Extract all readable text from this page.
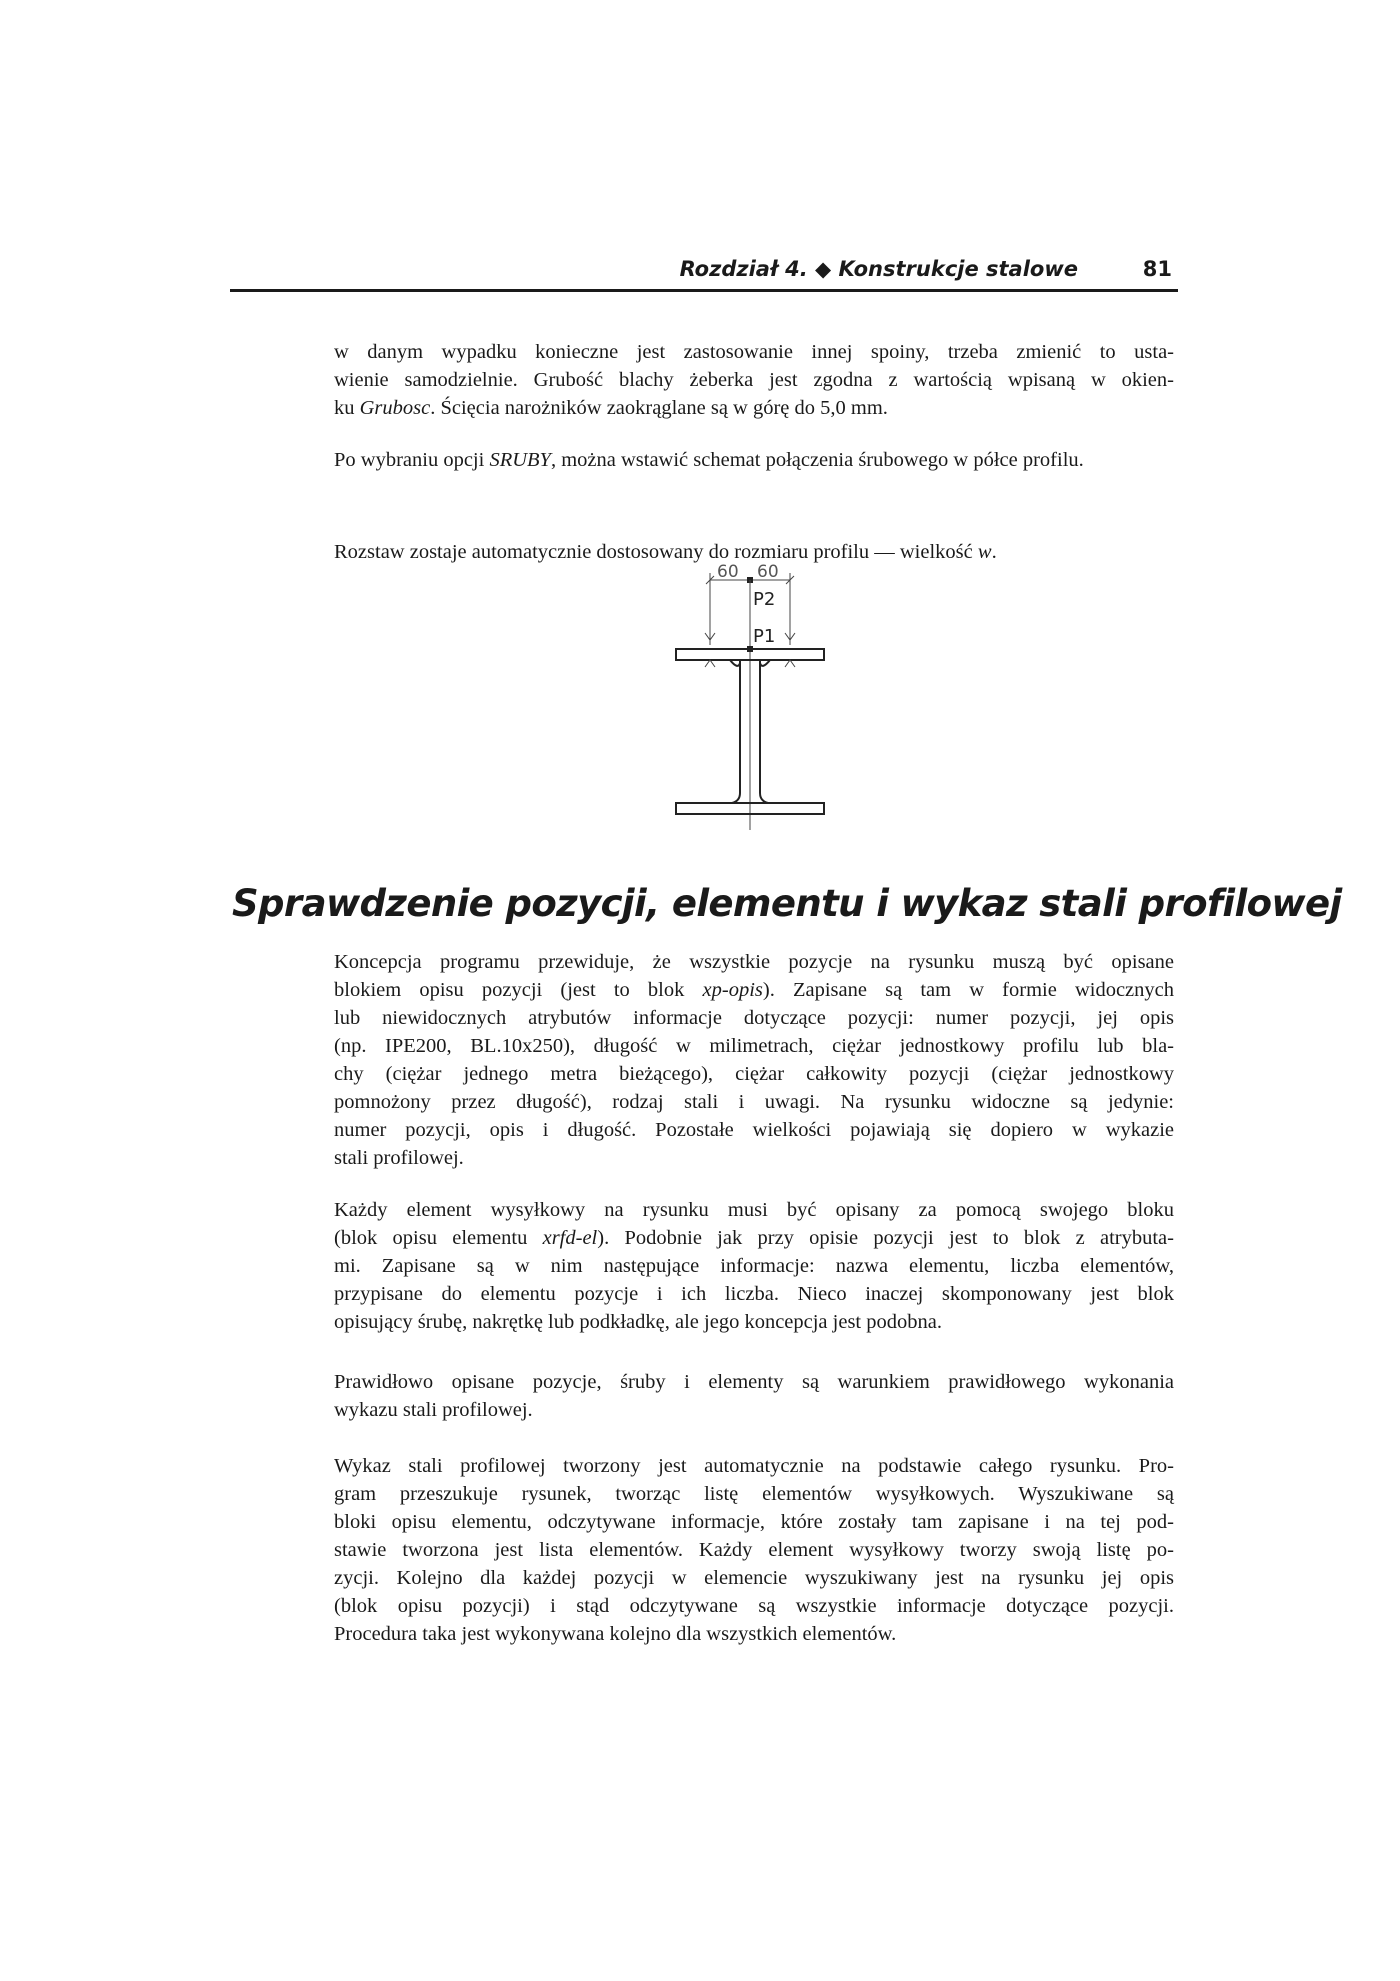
Rozdział 4. ◆ Konstrukcje stalowe	81
w danym wypadku konieczne jest zastosowanie innej spoiny, trzeba zmienić to usta-
wienie samodzielnie. Grubość blachy żeberka jest zgodna z wartością wpisaną w okien-
ku Grubosc. Ścięcia narożników zaokrąglane są w górę do 5,0 mm.
Po wybraniu opcji SRUBY, można wstawić schemat połączenia śrubowego w półce profilu.
Rozstaw zostaje automatycznie dostosowany do rozmiaru profilu — wielkość w.
60 60
P2
P1
Sprawdzenie pozycji, elementu i wykaz stali profilowej
Koncepcja programu przewiduje, że wszystkie pozycje na rysunku muszą być opisane
blokiem opisu pozycji (jest to blok xp-opis). Zapisane są tam w formie widocznych
lub niewidocznych atrybutów informacje dotyczące pozycji: numer pozycji, jej opis
(np. IPE200, BL.10x250), długość w milimetrach, ciężar jednostkowy profilu lub bla-
chy (ciężar jednego metra bieżącego), ciężar całkowity pozycji (ciężar jednostkowy
pomnożony przez długość), rodzaj stali i uwagi. Na rysunku widoczne są jedynie:
numer pozycji, opis i długość. Pozostałe wielkości pojawiają się dopiero w wykazie
stali profilowej.
Każdy element wysyłkowy na rysunku musi być opisany za pomocą swojego bloku
(blok opisu elementu xrfd-el). Podobnie jak przy opisie pozycji jest to blok z atrybuta-
mi. Zapisane są w nim następujące informacje: nazwa elementu, liczba elementów,
przypisane do elementu pozycje i ich liczba. Nieco inaczej skomponowany jest blok
opisujący śrubę, nakrętkę lub podkładkę, ale jego koncepcja jest podobna.
Prawidłowo opisane pozycje, śruby i elementy są warunkiem prawidłowego wykonania
wykazu stali profilowej.
Wykaz stali profilowej tworzony jest automatycznie na podstawie całego rysunku. Pro-
gram przeszukuje rysunek, tworząc listę elementów wysyłkowych. Wyszukiwane są
bloki opisu elementu, odczytywane informacje, które zostały tam zapisane i na tej pod-
stawie tworzona jest lista elementów. Każdy element wysyłkowy tworzy swoją listę po-
zycji. Kolejno dla każdej pozycji w elemencie wyszukiwany jest na rysunku jej opis
(blok opisu pozycji) i stąd odczytywane są wszystkie informacje dotyczące pozycji.
Procedura taka jest wykonywana kolejno dla wszystkich elementów.
